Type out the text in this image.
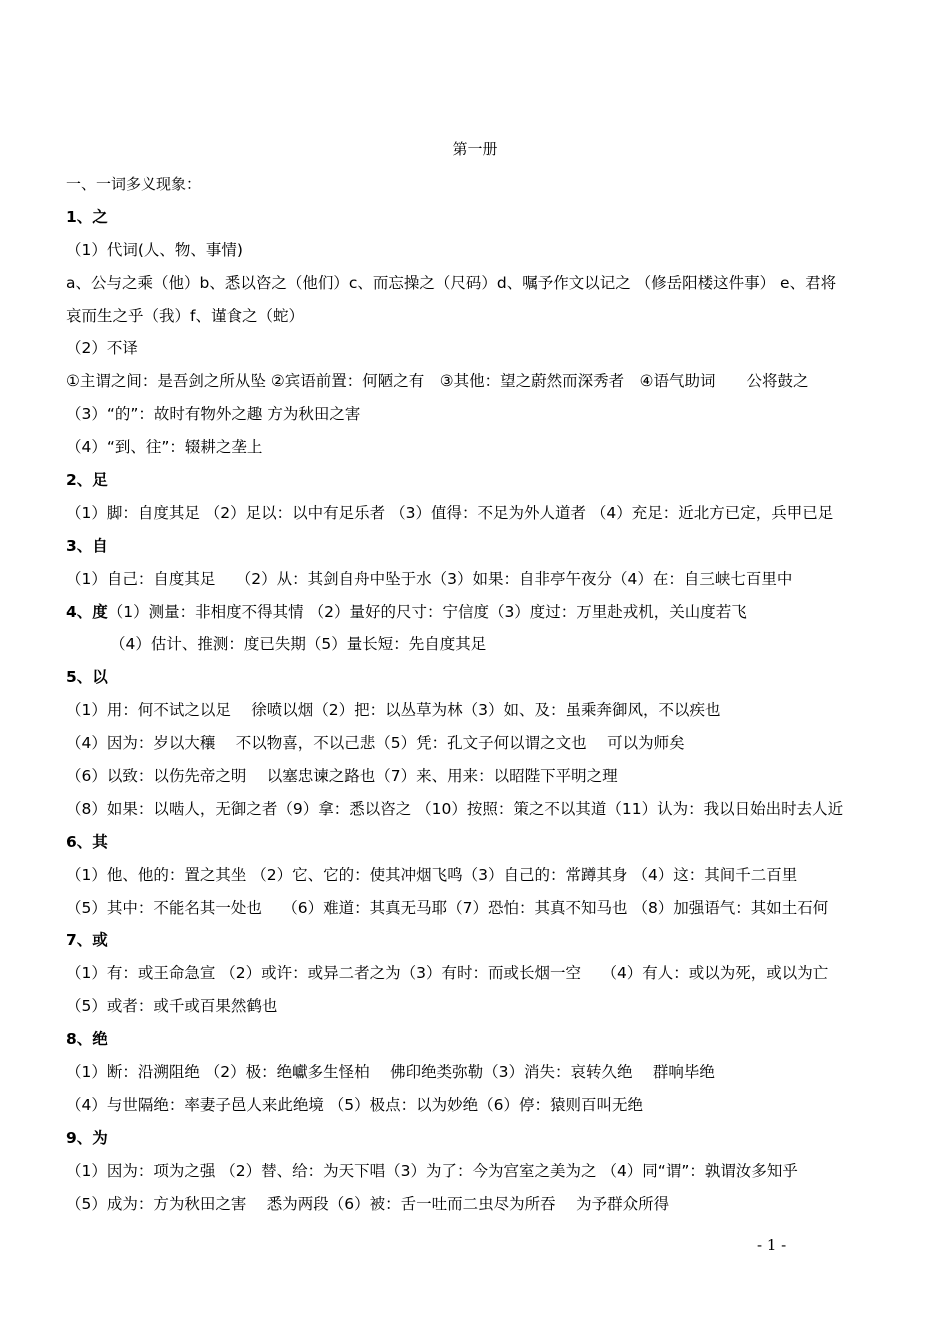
第一册
一、一词多义现象：
1、之
（1）代词(人、物、事情)
a、公与之乘（他）b、悉以咨之（他们）c、而忘操之（尺码）d、嘱予作文以记之 （修岳阳楼这件事） e、君将
哀而生之乎（我）f、谨食之（蛇）
（2）不译
①主谓之间：是吾剑之所从坠 ②宾语前置：何陋之有　③其他：望之蔚然而深秀者　④语气助词　　公将鼓之
（3）“的”：故时有物外之趣 方为秋田之害
（4）“到、往”：辍耕之垄上
2、足
（1）脚：自度其足 （2）足以：以中有足乐者 （3）值得：不足为外人道者 （4）充足：近北方已定，兵甲已足
3、自
（1）自己：自度其足　 （2）从：其剑自舟中坠于水（3）如果：自非亭午夜分（4）在：自三峡七百里中
4、度（1）测量：非相度不得其情 （2）量好的尺寸：宁信度（3）度过：万里赴戎机，关山度若飞
（4）估计、推测：度已失期（5）量长短：先自度其足
5、以
（1）用：何不试之以足　 徐喷以烟（2）把：以丛草为林（3）如、及：虽乘奔御风，不以疾也
（4）因为：岁以大穰　 不以物喜，不以己悲（5）凭：孔文子何以谓之文也　 可以为师矣
（6）以致：以伤先帝之明　 以塞忠谏之路也（7）来、用来：以昭陛下平明之理
（8）如果：以啮人，无御之者（9）拿：悉以咨之 （10）按照：策之不以其道（11）认为：我以日始出时去人近
6、其
（1）他、他的：置之其坐 （2）它、它的：使其冲烟飞鸣（3）自己的：常蹲其身 （4）这：其间千二百里
（5）其中：不能名其一处也　 （6）难道：其真无马耶（7）恐怕：其真不知马也 （8）加强语气：其如土石何
7、或
（1）有：或王命急宣 （2）或许：或异二者之为（3）有时：而或长烟一空　 （4）有人：或以为死，或以为亡
（5）或者：或千或百果然鹤也
8、绝
（1）断：沿溯阻绝 （2）极：绝巘多生怪柏　 佛印绝类弥勒（3）消失：哀转久绝　 群响毕绝
（4）与世隔绝：率妻子邑人来此绝境 （5）极点：以为妙绝（6）停：猿则百叫无绝
9、为
（1）因为：项为之强 （2）替、给：为天下唱（3）为了：今为宫室之美为之 （4）同“谓”：孰谓汝多知乎
（5）成为：方为秋田之害　 悉为两段（6）被：舌一吐而二虫尽为所吞　 为予群众所得
- 1 -
